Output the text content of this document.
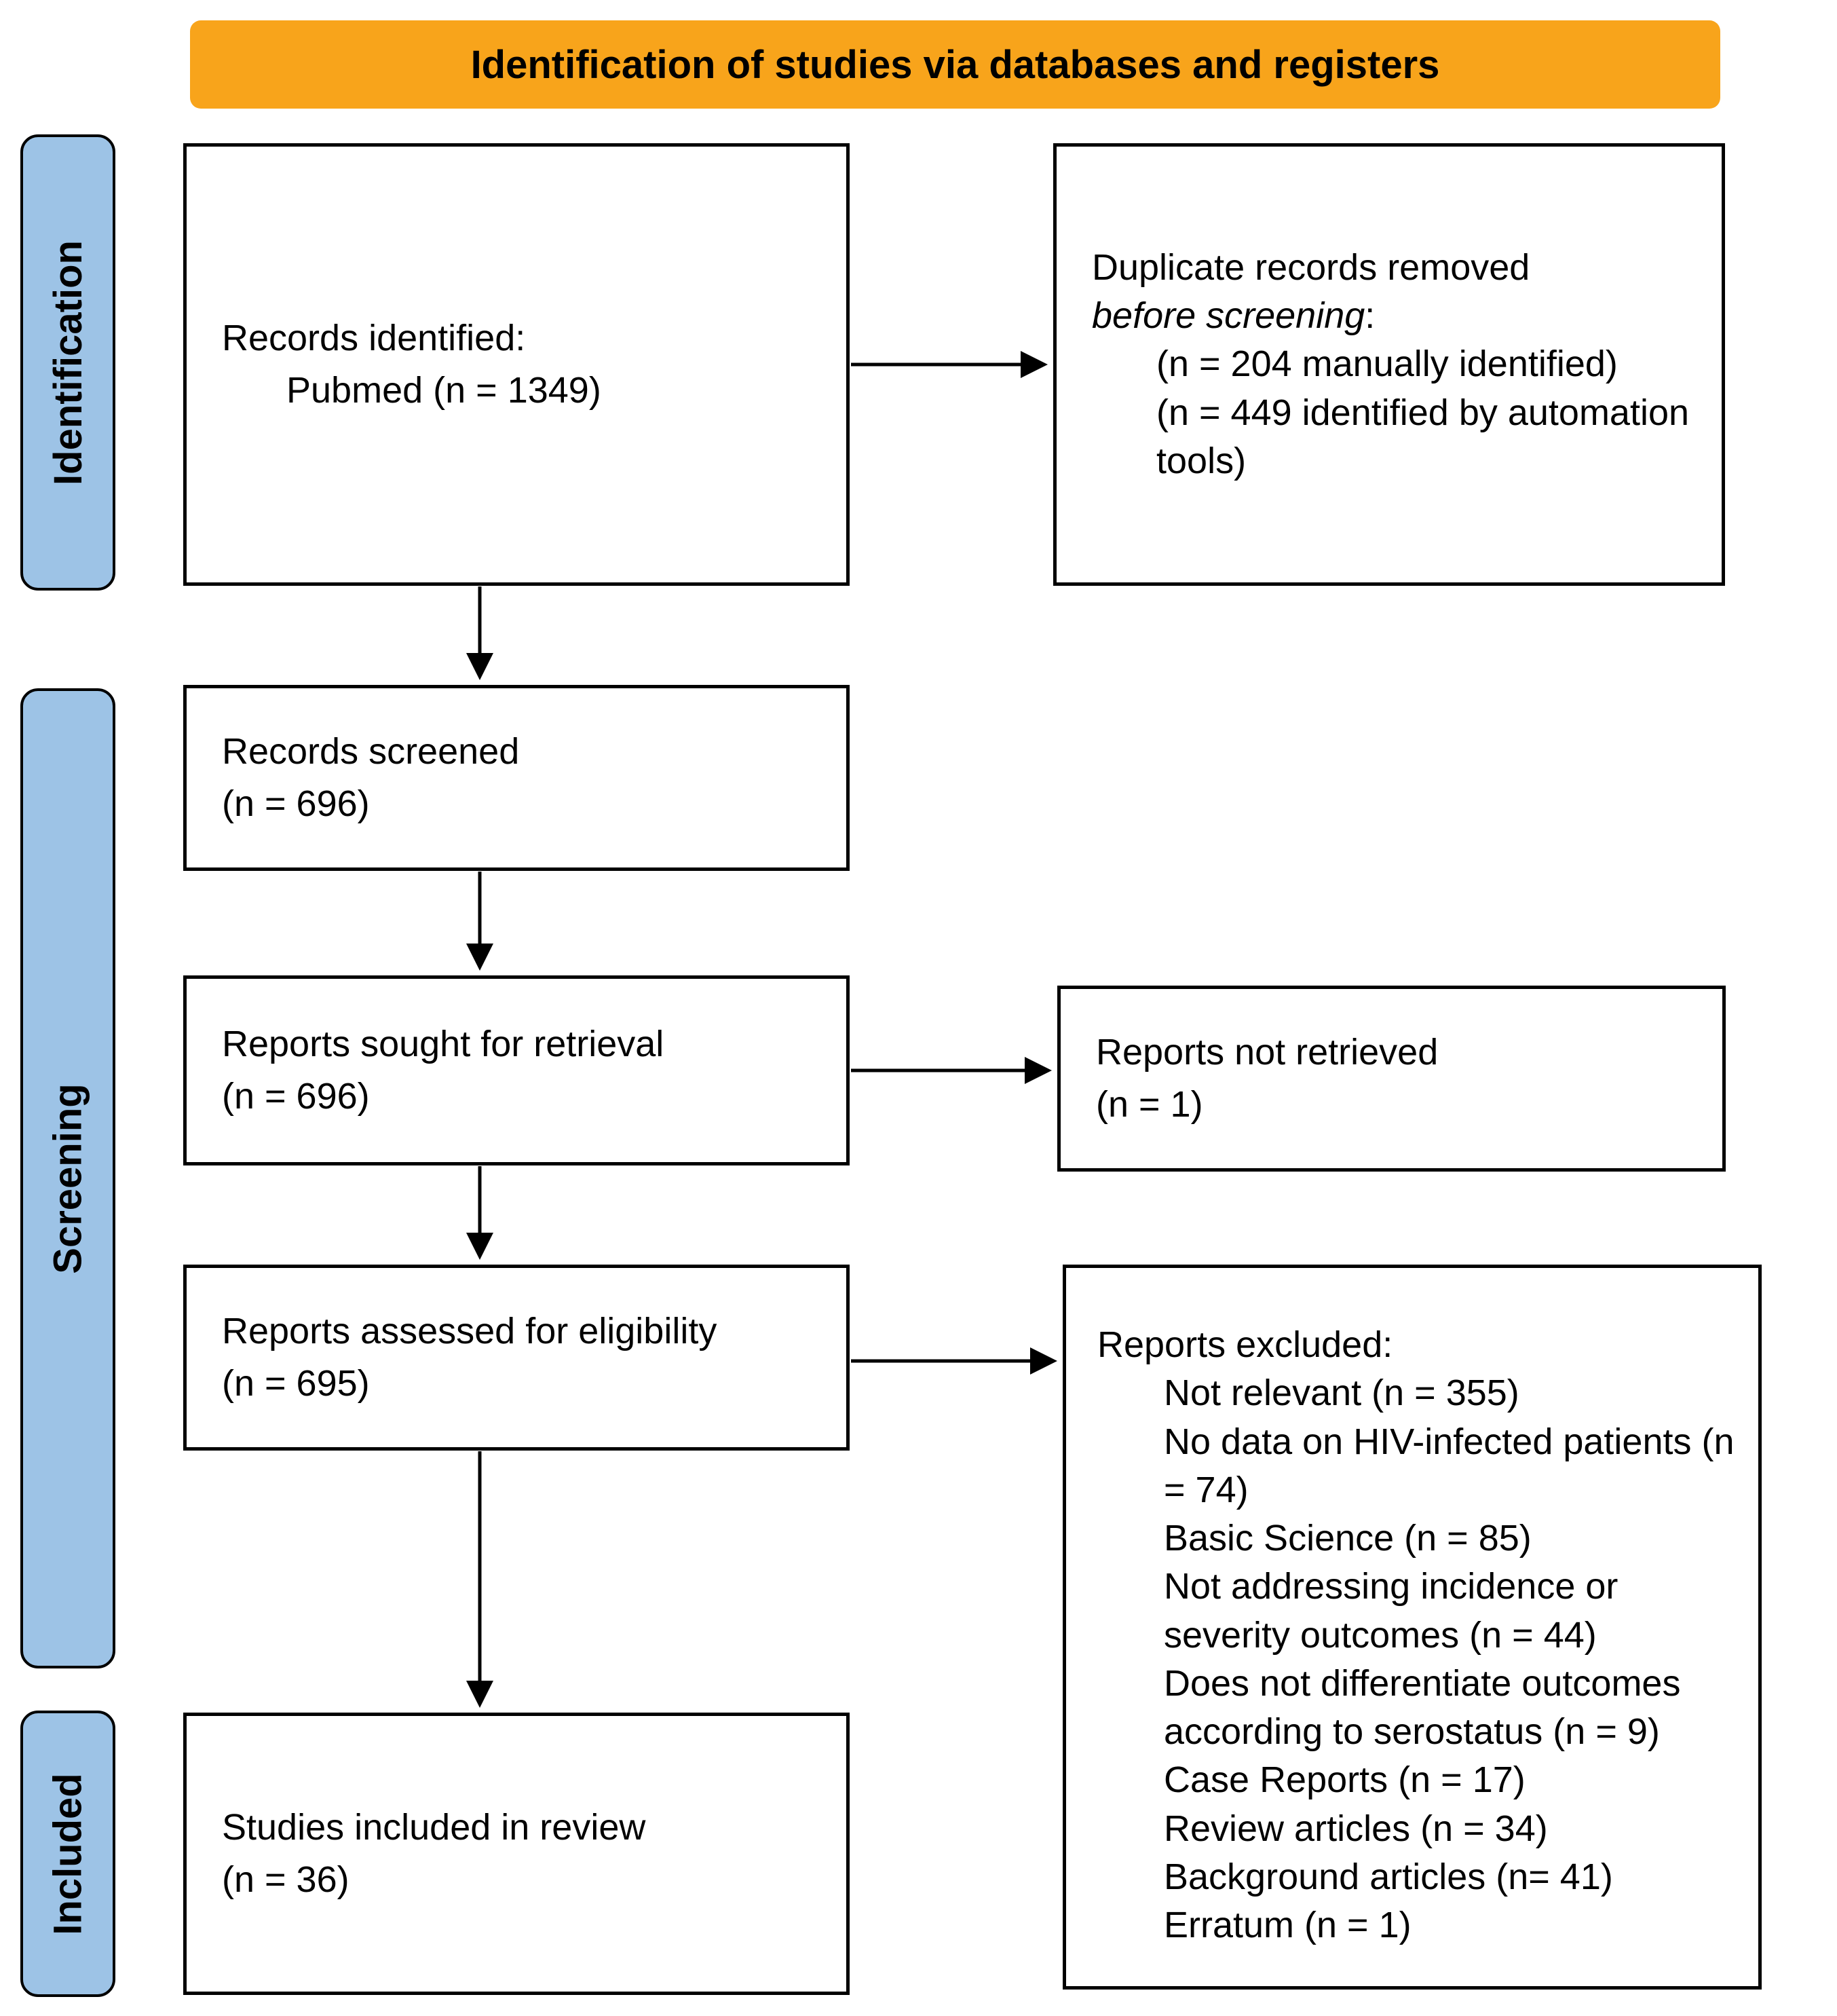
Identification of studies via databases and registers
Identification
Screening
Included
Records identified:
Pubmed (n = 1349)
Duplicate records removed
before screening:
(n = 204 manually identified)
(n = 449 identified by automation tools)
Records screened
(n = 696)
Reports sought for retrieval
(n = 696)
Reports not retrieved
(n = 1)
Reports assessed for eligibility
(n = 695)
Reports excluded:
Not relevant (n = 355)
No data on HIV-infected patients (n = 74)
Basic Science (n = 85)
Not addressing incidence or severity outcomes (n = 44)
Does not differentiate outcomes according to serostatus (n = 9)
Case Reports (n = 17)
Review articles (n = 34)
Background articles (n= 41)
Erratum (n = 1)
Studies included in review
(n = 36)
